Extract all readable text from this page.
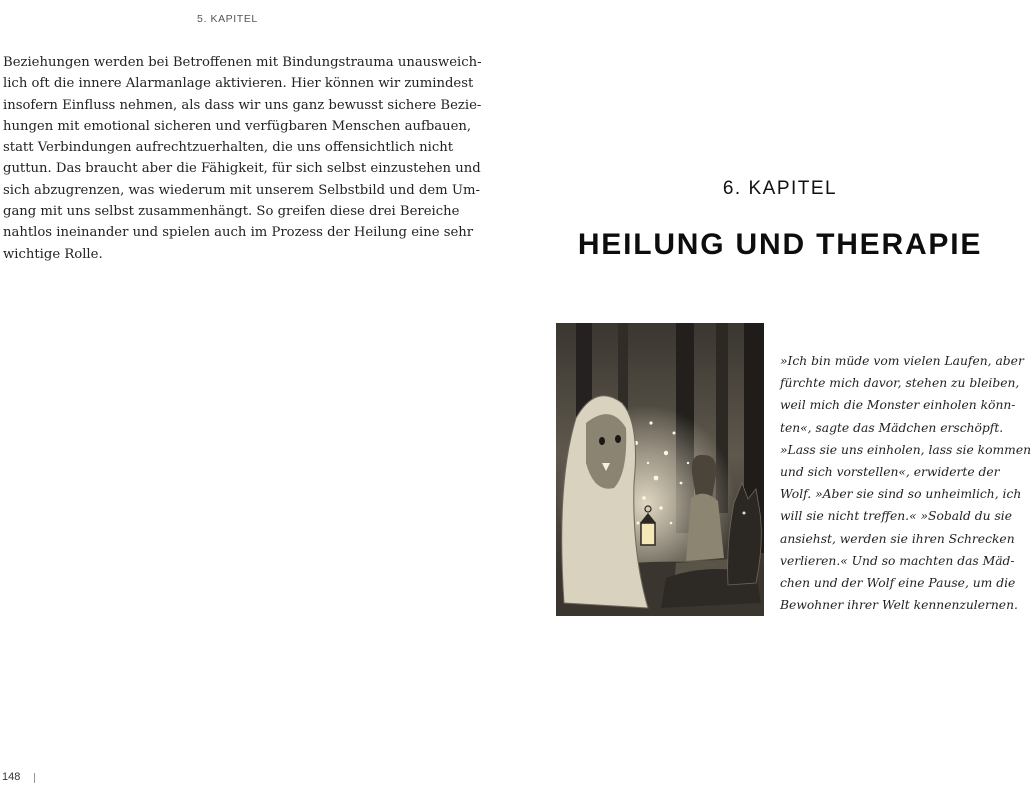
5. KAPITEL
Beziehungen werden bei Betroffenen mit Bindungstrauma unausweich-
lich oft die innere Alarmanlage aktivieren. Hier können wir zumindest
insofern Einfluss nehmen, als dass wir uns ganz bewusst sichere Bezie-
hungen mit emotional sicheren und verfügbaren Menschen aufbauen,
statt Verbindungen aufrechtzuerhalten, die uns offensichtlich nicht
guttun. Das braucht aber die Fähigkeit, für sich selbst einzustehen und
sich abzugrenzen, was wiederum mit unserem Selbstbild und dem Um-
gang mit uns selbst zusammenhängt. So greifen diese drei Bereiche
nahtlos ineinander und spielen auch im Prozess der Heilung eine sehr
wichtige Rolle.
6. KAPITEL
HEILUNG UND THERAPIE
»Ich bin müde vom vielen Laufen, aber
fürchte mich davor, stehen zu bleiben,
weil mich die Monster einholen könn-
ten«, sagte das Mädchen erschöpft.
»Lass sie uns einholen, lass sie kommen
und sich vorstellen«, erwiderte der
Wolf. »Aber sie sind so unheimlich, ich
will sie nicht treffen.« »Sobald du sie
ansiehst, werden sie ihren Schrecken
verlieren.« Und so machten das Mäd-
chen und der Wolf eine Pause, um die
Bewohner ihrer Welt kennenzulernen.
148
